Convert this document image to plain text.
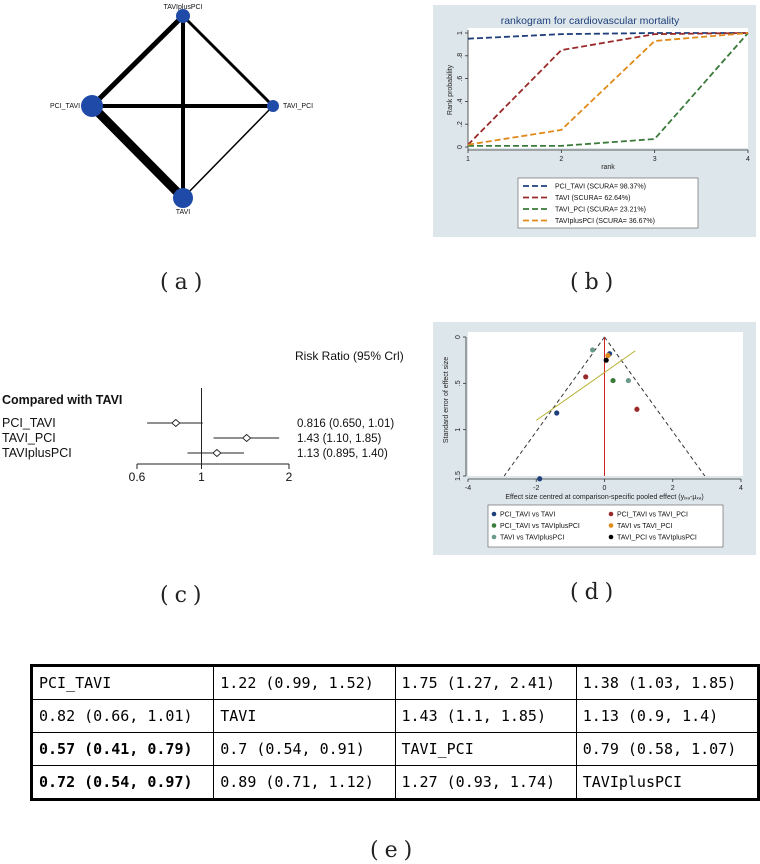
TAVIplusPCI
PCI_TAVI	TAVI_PCI
TAVI
rankogram for cardiovascular mortality
0
.2
.4
.6
.8
1
1	2	3	4
rank
Rank probability
PCI_TAVI (SCURA= 98.37%)
TAVI (SCURA= 62.64%)
TAVI_PCI (SCURA= 23.21%)
TAVIplusPCI (SCURA= 36.67%)
Risk Ratio (95% Crl)
Compared with TAVI
PCI_TAVI	0.816 (0.650, 1.01)
TAVI_PCI	1.43 (1.10, 1.85)
TAVIplusPCI	1.13 (0.895, 1.40)
0.6	1	2
0
.5
1
1.5
-4	-2	0	2	4
Effect size centred at comparison-specific pooled effect (yᵢₓₔ-μₓₔ)
Standard error of effect size
PCI_TAVI vs TAVI	PCI_TAVI vs TAVI_PCI
PCI_TAVI vs TAVIplusPCI	TAVI vs TAVI_PCI
TAVI vs TAVIplusPCI	TAVI_PCI vs TAVIplusPCI
(a)	(b)
(c)	(d)
(e)
PCI_TAVI	1.22 (0.99, 1.52)	1.75 (1.27, 2.41)	1.38 (1.03, 1.85)
0.82 (0.66, 1.01)	TAVI	1.43 (1.1, 1.85)	1.13 (0.9, 1.4)
0.57 (0.41, 0.79)	0.7 (0.54, 0.91)	TAVI_PCI	0.79 (0.58, 1.07)
0.72 (0.54, 0.97)	0.89 (0.71, 1.12)	1.27 (0.93, 1.74)	TAVIplusPCI
